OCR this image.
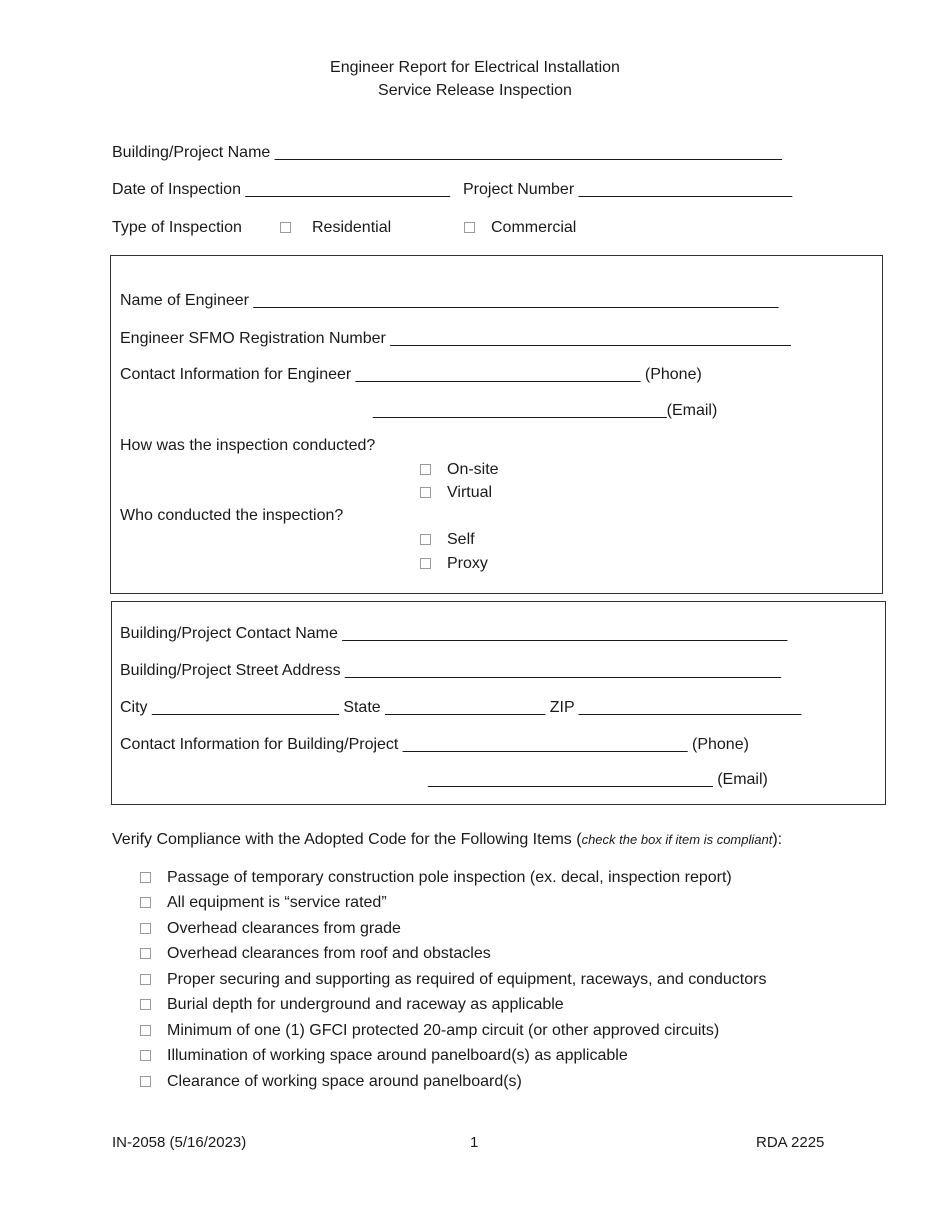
Engineer Report for Electrical Installation
Service Release Inspection
Building/Project Name _________________________________________________________
Date of Inspection _______________________ Project Number ________________________
Type of Inspection	Residential	Commercial
Name of Engineer ___________________________________________________________
Engineer SFMO Registration Number _____________________________________________
Contact Information for Engineer ________________________________ (Phone)
_________________________________(Email)
How was the inspection conducted?
On-site
Virtual
Who conducted the inspection?
Self
Proxy
Building/Project Contact Name __________________________________________________
Building/Project Street Address _________________________________________________
City _____________________ State __________________ ZIP _________________________
Contact Information for Building/Project ________________________________ (Phone)
________________________________ (Email)
Verify Compliance with the Adopted Code for the Following Items (check the box if item is compliant):
Passage of temporary construction pole inspection (ex. decal, inspection report)
All equipment is “service rated”
Overhead clearances from grade
Overhead clearances from roof and obstacles
Proper securing and supporting as required of equipment, raceways, and conductors
Burial depth for underground and raceway as applicable
Minimum of one (1) GFCI protected 20-amp circuit (or other approved circuits)
Illumination of working space around panelboard(s) as applicable
Clearance of working space around panelboard(s)
IN-2058 (5/16/2023)	1	RDA 2225
